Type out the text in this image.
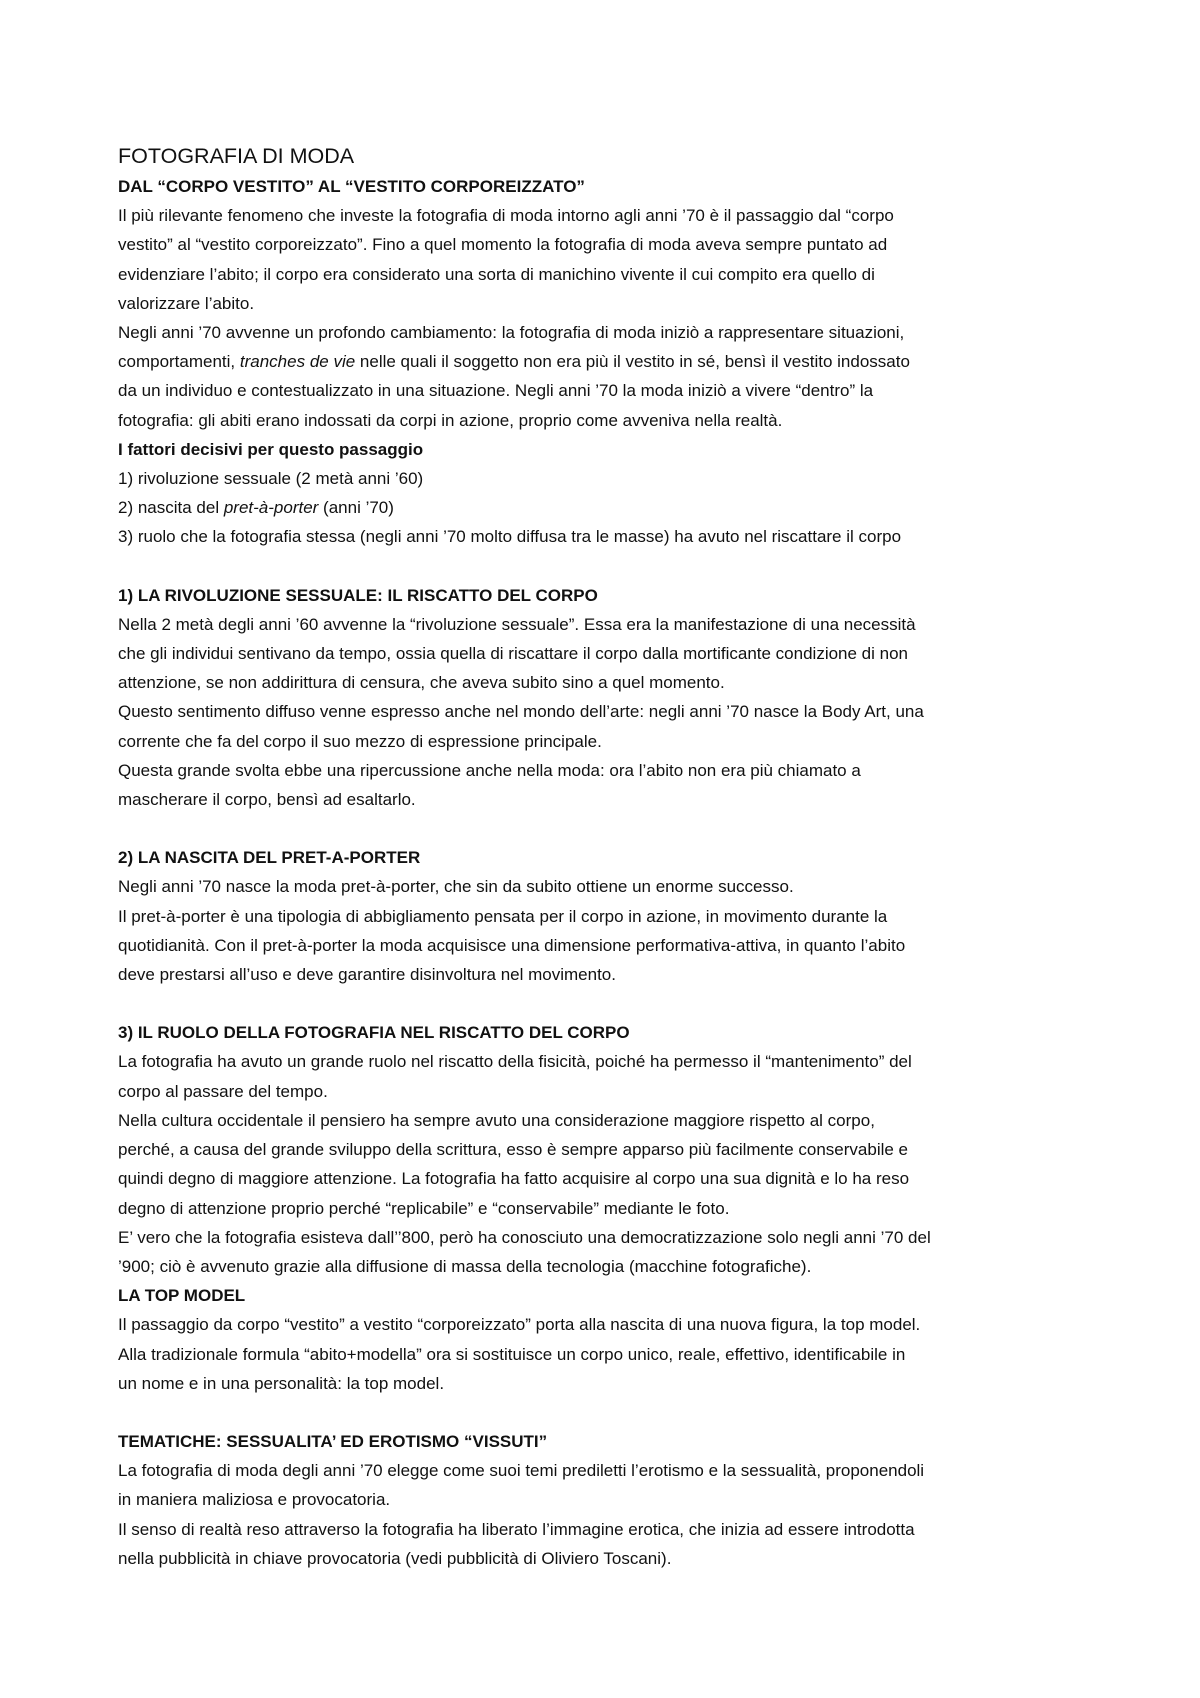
FOTOGRAFIA DI MODA

DAL “CORPO VESTITO” AL “VESTITO CORPOREIZZATO”

Il più rilevante fenomeno che investe la fotografia di moda intorno agli anni ’70 è il passaggio dal “corpo

vestito” al “vestito corporeizzato”. Fino a quel momento la fotografia di moda aveva sempre puntato ad

evidenziare l’abito; il corpo era considerato una sorta di manichino vivente il cui compito era quello di

valorizzare l’abito.

Negli anni ’70 avvenne un profondo cambiamento: la fotografia di moda iniziò a rappresentare situazioni,

comportamenti, tranches de vie nelle quali il soggetto non era più il vestito in sé, bensì il vestito indossato

da un individuo e contestualizzato in una situazione. Negli anni ’70 la moda iniziò a vivere “dentro” la

fotografia: gli abiti erano indossati da corpi in azione, proprio come avveniva nella realtà.

I fattori decisivi per questo passaggio

1) rivoluzione sessuale (2 metà anni ’60)

2) nascita del pret-à-porter (anni ’70)

3) ruolo che la fotografia stessa (negli anni ’70 molto diffusa tra le masse) ha avuto nel riscattare il corpo

1) LA RIVOLUZIONE SESSUALE: IL RISCATTO DEL CORPO

Nella 2 metà degli anni ’60 avvenne la “rivoluzione sessuale”. Essa era la manifestazione di una necessità

che gli individui sentivano da tempo, ossia quella di riscattare il corpo dalla mortificante condizione di non

attenzione, se non addirittura di censura, che aveva subito sino a quel momento.

Questo sentimento diffuso venne espresso anche nel mondo dell’arte: negli anni ’70 nasce la Body Art, una

corrente che fa del corpo il suo mezzo di espressione principale.

Questa grande svolta ebbe una ripercussione anche nella moda: ora l’abito non era più chiamato a

mascherare il corpo, bensì ad esaltarlo.

2) LA NASCITA DEL PRET-A-PORTER

Negli anni ’70 nasce la moda pret-à-porter, che sin da subito ottiene un enorme successo.

Il pret-à-porter è una tipologia di abbigliamento pensata per il corpo in azione, in movimento durante la

quotidianità. Con il pret-à-porter la moda acquisisce una dimensione performativa-attiva, in quanto l’abito

deve prestarsi all’uso e deve garantire disinvoltura nel movimento.

3) IL RUOLO DELLA FOTOGRAFIA NEL RISCATTO DEL CORPO

La fotografia ha avuto un grande ruolo nel riscatto della fisicità, poiché ha permesso il “mantenimento” del

corpo al passare del tempo.

Nella cultura occidentale il pensiero ha sempre avuto una considerazione maggiore rispetto al corpo,

perché, a causa del grande sviluppo della scrittura, esso è sempre apparso più facilmente conservabile e

quindi degno di maggiore attenzione. La fotografia ha fatto acquisire al corpo una sua dignità e lo ha reso

degno di attenzione proprio perché “replicabile” e “conservabile” mediante le foto.

E’ vero che la fotografia esisteva dall’’800, però ha conosciuto una democratizzazione solo negli anni ’70 del

’900; ciò è avvenuto grazie alla diffusione di massa della tecnologia (macchine fotografiche).

LA TOP MODEL

Il passaggio da corpo “vestito” a vestito “corporeizzato” porta alla nascita di una nuova figura, la top model.

Alla tradizionale formula “abito+modella” ora si sostituisce un corpo unico, reale, effettivo, identificabile in

un nome e in una personalità: la top model.

TEMATICHE: SESSUALITA’ ED EROTISMO “VISSUTI”

La fotografia di moda degli anni ’70 elegge come suoi temi prediletti l’erotismo e la sessualità, proponendoli

in maniera maliziosa e provocatoria.

Il senso di realtà reso attraverso la fotografia ha liberato l’immagine erotica, che inizia ad essere introdotta

nella pubblicità in chiave provocatoria (vedi pubblicità di Oliviero Toscani).
